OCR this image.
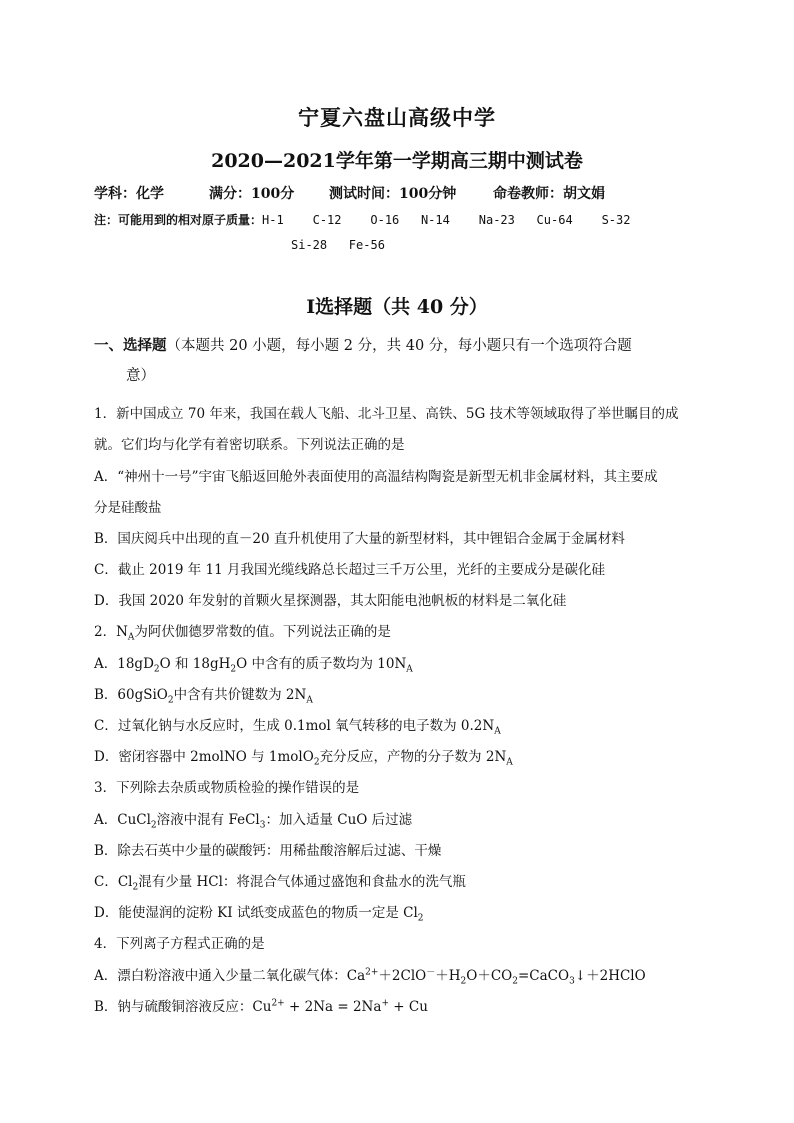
宁夏六盘山高级中学
2020—2021学年第一学期高三期中测试卷
学科：化学	满分：100分 测试时间：100分钟	命卷教师：胡文娟
注：可能用到的相对原子质量：H-1    C-12    O-16   N-14    Na-23   Cu-64    S-32
Si-28   Fe-56
Ⅰ选择题（共 40 分）
一、选择题（本题共 20 小题，每小题 2 分，共 40 分，每小题只有一个选项符合题
意）
1．新中国成立 70 年来，我国在载人飞船、北斗卫星、高铁、5G 技术等领域取得了举世瞩目的成
就。它们均与化学有着密切联系。下列说法正确的是
A．“神州十一号”宇宙飞船返回舱外表面使用的高温结构陶瓷是新型无机非金属材料，其主要成
分是硅酸盐
B．国庆阅兵中出现的直－20 直升机使用了大量的新型材料，其中锂铝合金属于金属材料
C．截止 2019 年 11 月我国光缆线路总长超过三千万公里，光纤的主要成分是碳化硅
D．我国 2020 年发射的首颗火星探测器，其太阳能电池帆板的材料是二氧化硅
2．$N_A$为阿伏伽德罗常数的值。下列说法正确的是
A．$18gD_2O$ 和 $18gH_2O$ 中含有的质子数均为 $10N_A$
B．60gSiO$_2$中含有共价键数为 $2N_A$
C．过氧化钠与水反应时，生成 0.1mol 氧气转移的电子数为 $0.2N_A$
D．密闭容器中 2molNO 与 1molO$_2$充分反应，产物的分子数为 $2N_A$
3．下列除去杂质或物质检验的操作错误的是
A．CuCl$_2$溶液中混有 FeCl$_3$：加入适量 CuO 后过滤
B．除去石英中少量的碳酸钙：用稀盐酸溶解后过滤、干燥
C．$Cl_2$混有少量 HCl：将混合气体通过盛饱和食盐水的洗气瓶
D．能使湿润的淀粉 KI 试纸变成蓝色的物质一定是 $Cl_2$
4．下列离子方程式正确的是
A．漂白粉溶液中通入少量二氧化碳气体：$Ca^{2+}+2ClO^-+H_2O+CO_2=CaCO_3↓+2HClO$
B．钠与硫酸铜溶液反应：$Cu^{2+} + 2Na = 2Na^+ + Cu$
